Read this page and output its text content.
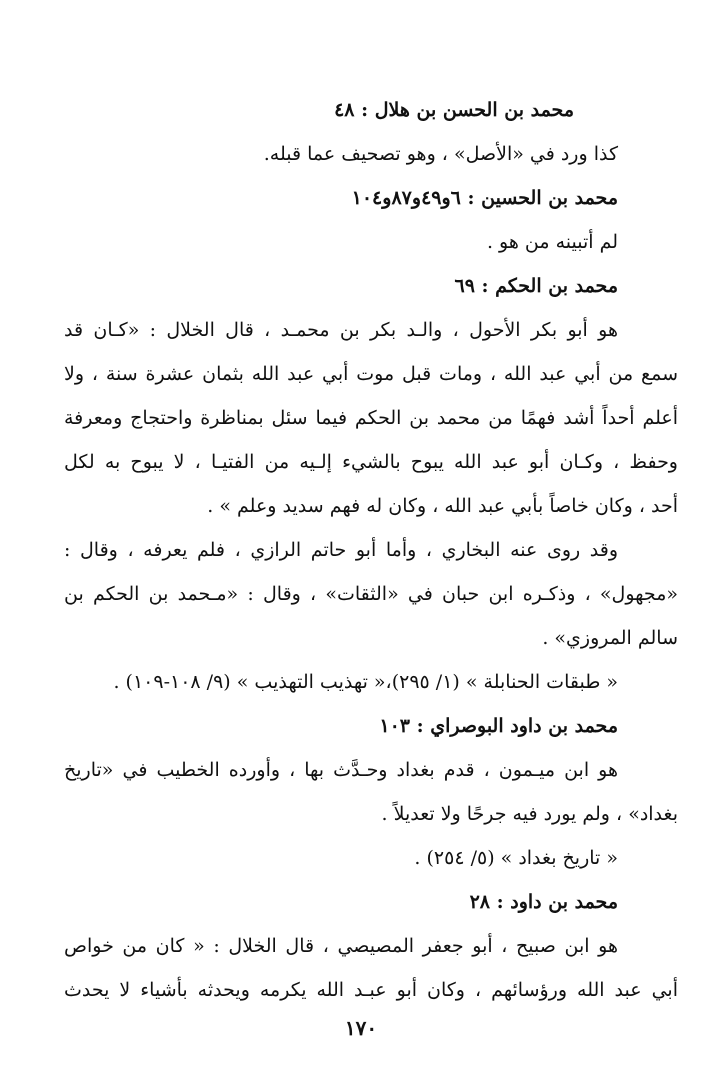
محمد بن الحسن بن هلال : ٤٨
كذا ورد في «الأصل» ، وهو تصحيف عما قبله.
محمد بن الحسين : ٦و٤٩و٨٧و١٠٤
لم أتبينه من هو .
محمد بن الحكم : ٦٩
هو أبو بكر الأحول ، والـد بكر بن محمـد ، قال الخلال : «كـان قد
سمع من أبي عبد الله ، ومات قبل موت أبي عبد الله بثمان عشرة سنة ، ولا
أعلم أحداً أشد فهمًا من محمد بن الحكم فيما سئل بمناظرة واحتجاج ومعرفة
وحفظ ، وكـان أبو عبد الله يبوح بالشيء إلـيه من الفتيـا ، لا يبوح به لكل
أحد ، وكان خاصاً بأبي عبد الله ، وكان له فهم سديد وعلم » .
وقد روى عنه البخاري ، وأما أبو حاتم الرازي ، فلم يعرفه ، وقال :
«مجهول» ، وذكـره ابن حبان في «الثقات» ، وقال : «مـحمد بن الحكم بن
سالم المروزي» .
« طبقات الحنابلة » (١/ ٢٩٥)،« تهذيب التهذيب » (٩/ ١٠٨-١٠٩) .
محمد بن داود البوصراي : ١٠٣
هو ابن ميـمون ، قدم بغداد وحـدَّث بها ، وأورده الخطيب في «تاريخ
بغداد» ، ولم يورد فيه جرحًا ولا تعديلاً .
« تاريخ بغداد » (٥/ ٢٥٤) .
محمد بن داود : ٢٨
هو ابن صبيح ، أبو جعفر المصيصي ، قال الخلال : « كان من خواص
أبي عبد الله ورؤسائهم ، وكان أبو عبـد الله يكرمه ويحدثه بأشياء لا يحدث
١٧٠
